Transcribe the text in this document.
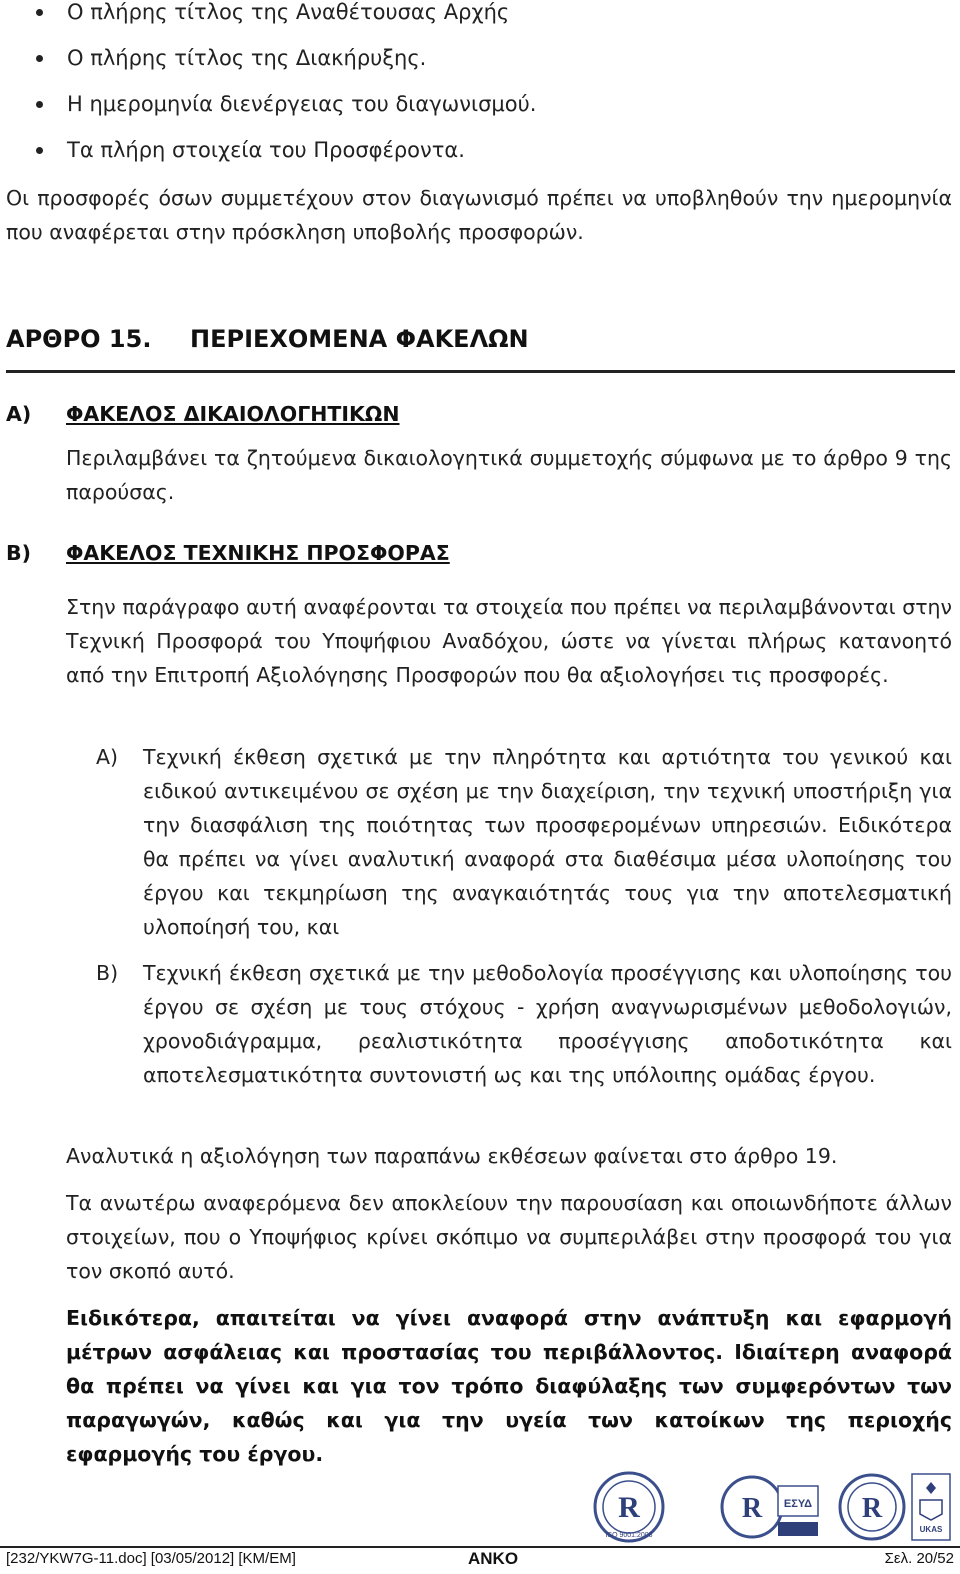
Ο πλήρης τίτλος της Αναθέτουσας Αρχής
Ο πλήρης τίτλος της Διακήρυξης.
Η ημερομηνία διενέργειας του διαγωνισμού.
Τα πλήρη στοιχεία του Προσφέροντα.
Οι προσφορές όσων συμμετέχουν στον διαγωνισμό πρέπει να υποβληθούν την ημερομηνία που αναφέρεται στην πρόσκληση υποβολής προσφορών.
ΑΡΘΡΟ 15. ΠΕΡΙΕΧΟΜΕΝΑ ΦΑΚΕΛΩΝ
Α) ΦΑΚΕΛΟΣ ΔΙΚΑΙΟΛΟΓΗΤΙΚΩΝ
Περιλαμβάνει τα ζητούμενα δικαιολογητικά συμμετοχής σύμφωνα με το άρθρο 9 της παρούσας.
Β) ΦΑΚΕΛΟΣ ΤΕΧΝΙΚΗΣ ΠΡΟΣΦΟΡΑΣ
Στην παράγραφο αυτή αναφέρονται τα στοιχεία που πρέπει να περιλαμβάνονται στην Τεχνική Προσφορά του Υποψήφιου Αναδόχου, ώστε να γίνεται πλήρως κατανοητό από την Επιτροπή Αξιολόγησης Προσφορών που θα αξιολογήσει τις προσφορές.
Α) Τεχνική έκθεση σχετικά με την πληρότητα και αρτιότητα του γενικού και ειδικού αντικειμένου σε σχέση με την διαχείριση, την τεχνική υποστήριξη για την διασφάλιση της ποιότητας των προσφερομένων υπηρεσιών. Ειδικότερα θα πρέπει να γίνει αναλυτική αναφορά στα διαθέσιμα μέσα υλοποίησης του έργου και τεκμηρίωση της αναγκαιότητάς τους για την αποτελεσματική υλοποίησή του, και
Β) Τεχνική έκθεση σχετικά με την μεθοδολογία προσέγγισης και υλοποίησης του έργου σε σχέση με τους στόχους - χρήση αναγνωρισμένων μεθοδολογιών, χρονοδιάγραμμα, ρεαλιστικότητα προσέγγισης αποδοτικότητα και αποτελεσματικότητα συντονιστή ως και της υπόλοιπης ομάδας έργου.
Αναλυτικά η αξιολόγηση των παραπάνω εκθέσεων φαίνεται στο άρθρο 19.
Τα ανωτέρω αναφερόμενα δεν αποκλείουν την παρουσίαση και οποιωνδήποτε άλλων στοιχείων, που ο Υποψήφιος κρίνει σκόπιμο να συμπεριλάβει στην προσφορά του για τον σκοπό αυτό.
Ειδικότερα, απαιτείται να γίνει αναφορά στην ανάπτυξη και εφαρμογή μέτρων ασφάλειας και προστασίας του περιβάλλοντος. Ιδιαίτερη αναφορά θα πρέπει να γίνει και για τον τρόπο διαφύλαξης των συμφερόντων των παραγωγών, καθώς και για την υγεία των κατοίκων της περιοχής εφαρμογής του έργου.
R
ISO 9001:2008
R ΕΣΥΔ R
UKAS
[232/YKW7G-11.doc] [03/05/2012] [KM/EM]	ANKO	Σελ. 20/52
